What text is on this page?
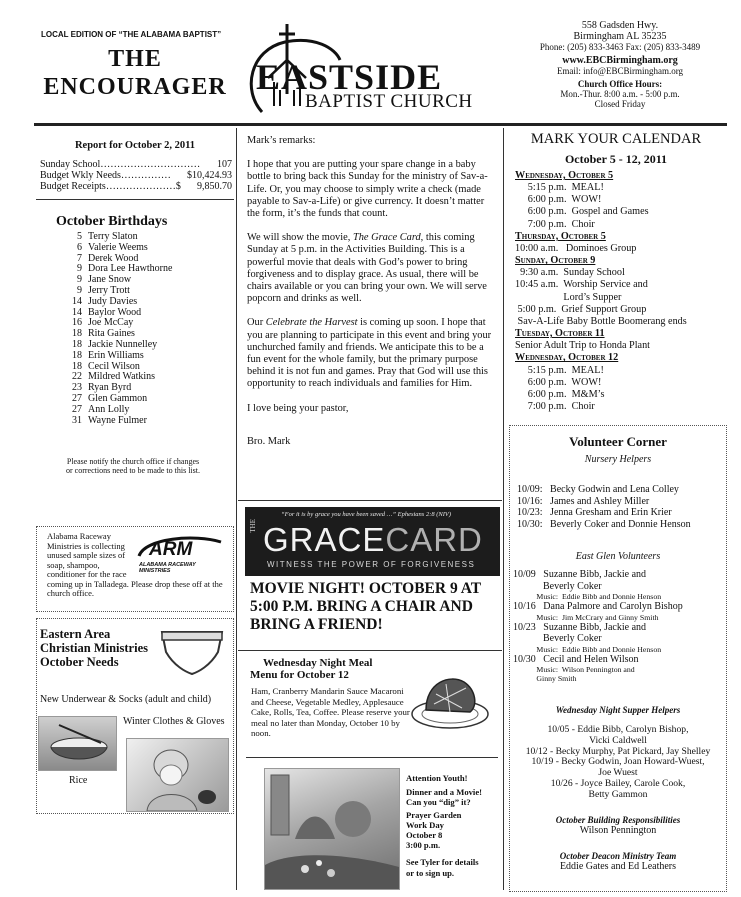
LOCAL EDITION OF “THE ALABAMA BAPTIST”
THE
ENCOURAGER EASTSIDE
BAPTIST CHURCH
558 Gadsden Hwy.
Birmingham AL 35235
Phone: (205) 833-3463 Fax: (205) 833-3489
www.EBCBirmingham.org
Email: info@EBCBirmingham.org
Church Office Hours:
Mon.-Thur. 8:00 a.m. - 5:00 p.m.
Closed Friday
Report for October 2, 2011
Sunday School………………………… 107
Budget Wkly Needs…………… $10,424.93
Budget Receipts…………………$ 9,850.70
October Birthdays
5 Terry Slaton
6 Valerie Weems
7 Derek Wood
9 Dora Lee Hawthorne
9 Jane Snow
9 Jerry Trott
14 Judy Davies
14 Baylor Wood
16 Joe McCay
18 Rita Gaines
18 Jackie Nunnelley
18 Erin Williams
18 Cecil Wilson
22 Mildred Watkins
23 Ryan Byrd
27 Glen Gammon
27 Ann Lolly
31 Wayne Fulmer
Please notify the church office if changes
or corrections need to be made to this list.
ARM
ALABAMA RACEWAY MINISTRIES
Alabama Raceway Ministries is collecting unused sample sizes of soap, shampoo, conditioner for the race coming up in Talladega. Please drop these off at the church office.
Eastern Area Christian Ministries October Needs
New Underwear & Socks (adult and child)
Winter Clothes & Gloves
Rice
Mark’s remarks:
I hope that you are putting your spare change in a baby bottle to bring back this Sunday for the ministry of Sav-a-Life. Or, you may choose to simply write a check (made payable to Sav-a-Life) or give currency. It doesn’t matter the form, it’s the funds that count.
We will show the movie, The Grace Card, this coming Sunday at 5 p.m. in the Activities Building. This is a powerful movie that deals with God’s power to bring forgiveness and to display grace. As usual, there will be chairs available or you can bring your own. We will serve popcorn and drinks as well.
Our Celebrate the Harvest is coming up soon. I hope that you are planning to participate in this event and bring your unchurched family and friends. We anticipate this to be a fun event for the whole family, but the primary purpose behind it is not fun and games. Pray that God will use this opportunity to reach individuals and families for Him.
I love being your pastor,
Bro. Mark
“For it is by grace you have been saved …” Ephesians 2:8 (NIV)
THE GRACECARD
WITNESS THE POWER OF FORGIVENESS
MOVIE NIGHT! OCTOBER 9 AT 5:00 P.M. BRING A CHAIR AND BRING A FRIEND!
Wednesday Night Meal
Menu for October 12
Ham, Cranberry Mandarin Sauce Macaroni and Cheese, Vegetable Medley, Applesauce Cake, Rolls, Tea, Coffee. Please reserve your meal no later than Monday, October 10 by noon.
Attention Youth!
Dinner and a Movie!
Can you “dig” it?
Prayer Garden
Work Day
October 8
3:00 p.m.
See Tyler for details
or to sign up.
MARK YOUR CALENDAR
October 5 - 12, 2011
Wednesday, October 5
5:15 p.m.  MEAL!
6:00 p.m.  WOW!
6:00 p.m.  Gospel and Games
7:00 p.m.  Choir
Thursday, October 5
10:00 a.m.   Dominoes Group
Sunday, October 9
9:30 a.m.  Sunday School
10:45 a.m.  Worship Service and
Lord’s Supper
5:00 p.m.  Grief Support Group
Sav-A-Life Baby Bottle Boomerang ends
Tuesday, October 11
Senior Adult Trip to Honda Plant
Wednesday, October 12
5:15 p.m.  MEAL!
6:00 p.m.  WOW!
6:00 p.m.  M&M’s
7:00 p.m.  Choir
Volunteer Corner
Nursery Helpers
10/09:   Becky Godwin and Lena Colley
10/16:   James and Ashley Miller
10/23:   Jenna Gresham and Erin Krier
10/30:   Beverly Coker and Donnie Henson
East Glen Volunteers
10/09   Suzanne Bibb, Jackie and
Beverly Coker
Music:  Eddie Bibb and Donnie Henson
10/16   Dana Palmore and Carolyn Bishop
Music:  Jim McCrary and Ginny Smith
10/23   Suzanne Bibb, Jackie and
Beverly Coker
Music:  Eddie Bibb and Donnie Henson
10/30   Cecil and Helen Wilson
Music:  Wilson Pennington and
Ginny Smith
Wednesday Night Supper Helpers
10/05 - Eddie Bibb, Carolyn Bishop,
Vicki Caldwell
10/12 - Becky Murphy, Pat Pickard, Jay Shelley
10/19 - Becky Godwin, Joan Howard-Wuest,
Joe Wuest
10/26 - Joyce Bailey, Carole Cook,
Betty Gammon
October Building Responsibilities
Wilson Pennington
October Deacon Ministry Team
Eddie Gates and Ed Leathers
